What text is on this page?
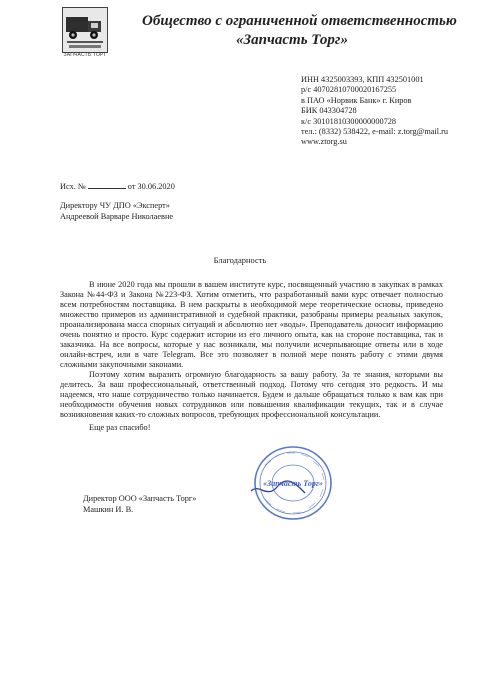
ЗАПЧАСТЬ ТОРГ
Общество с ограниченной ответственностью
«Запчасть Торг»
ИНН 4325003393, КПП 432501001
р/с 40702810700020167255
в ПАО «Норвик Банк» г. Киров
БИК 043304728
к/с 30101810300000000728
тел.: (8332) 538422, e-mail: z.torg@mail.ru
www.ztorg.su
Исх. №	от 30.06.2020
Директору ЧУ ДПО «Эксперт»
Андреевой Варваре Николаевне
Благодарность

В июне 2020 года мы прошли в вашем институте курс, посвященный участию в закупках в рамках Закона №44-ФЗ и Закона №223-ФЗ. Хотим отметить, что разработанный вами курс отвечает полностью всем потребностям поставщика. В нем раскрыты в необходимой мере теоретические основы, приведено множество примеров из административной и судебной практики, разобраны примеры реальных закупок, проанализирована масса спорных ситуаций и абсолютно нет «воды». Преподаватель доносит информацию очень понятно и просто. Курс содержит истории из его личного опыта, как на стороне поставщика, так и заказчика. На все вопросы, которые у нас возникали, мы получили исчерпывающие ответы или в ходе онлайн-встреч, или в чате Telegram. Все это позволяет в полной мере понять работу с этими двумя сложными закупочными законами.

Поэтому хотим выразить огромную благодарность за вашу работу. За те знания, которыми вы делитесь. За ваш профессиональный, ответственный подход. Потому что сегодня это редкость. И мы надеемся, что наше сотрудничество только начинается. Будем и дальше обращаться только к вам как при необходимости обучения новых сотрудников или повышения квалификации текущих, так и в случае возникновения каких-то сложных вопросов, требующих профессиональной консультации.

Еще раз спасибо!

Директор ООО «Запчасть Торг»
Машкин И. В.
«Запчасть Торг»
